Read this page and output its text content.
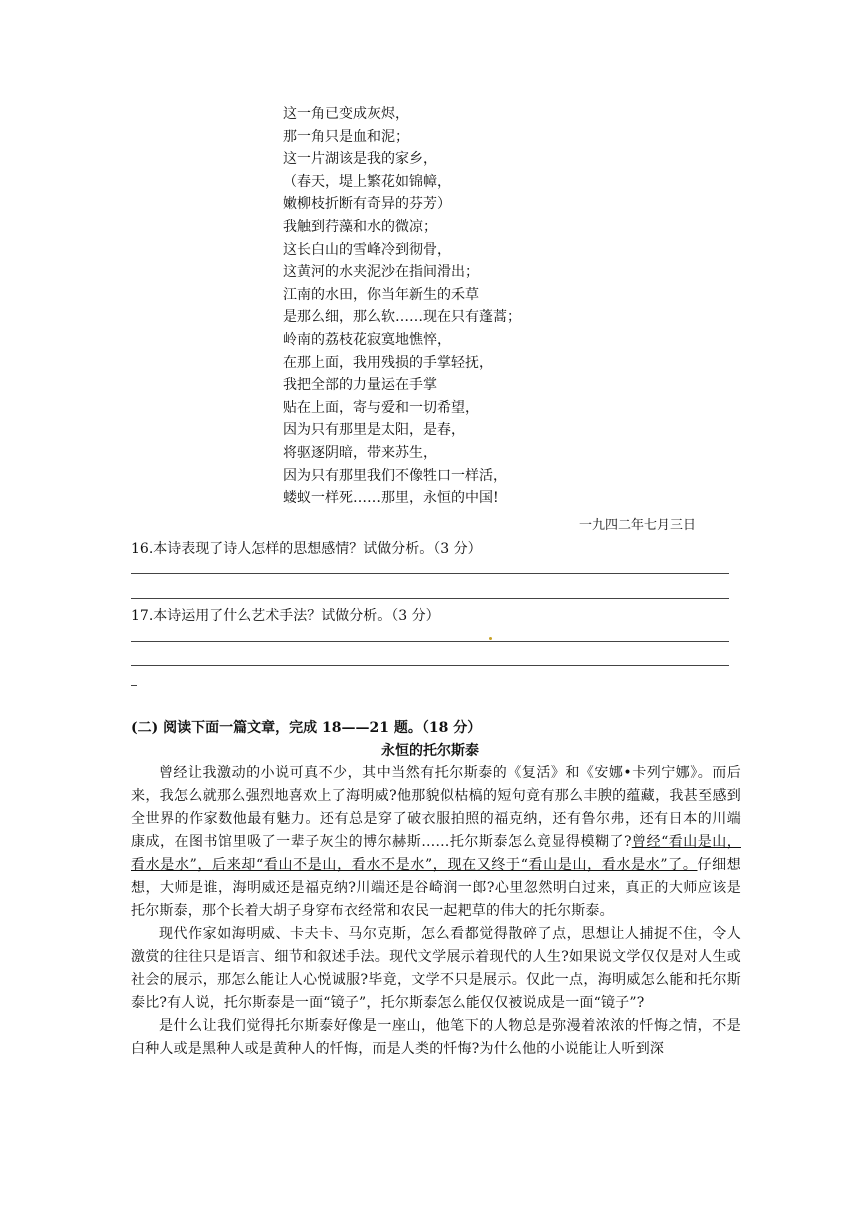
这一角已变成灰烬，
那一角只是血和泥；
这一片湖该是我的家乡，
（春天，堤上繁花如锦幛，
嫩柳枝折断有奇异的芬芳）
我触到荇藻和水的微凉；
这长白山的雪峰冷到彻骨，
这黄河的水夹泥沙在指间滑出；
江南的水田，你当年新生的禾草
是那么细，那么软……现在只有蓬蒿；
岭南的荔枝花寂寞地憔悴，
在那上面，我用残损的手掌轻抚，
我把全部的力量运在手掌
贴在上面，寄与爱和一切希望，
因为只有那里是太阳，是春，
将驱逐阴暗，带来苏生，
因为只有那里我们不像牲口一样活，
蝼蚁一样死……那里，永恒的中国!
一九四二年七月三日
16.本诗表现了诗人怎样的思想感情？试做分析。（3 分）
17.本诗运用了什么艺术手法？试做分析。（3 分）
(二) 阅读下面一篇文章，完成 18——21 题。（18 分）
永恒的托尔斯泰

曾经让我激动的小说可真不少，其中当然有托尔斯泰的《复活》和《安娜•卡列宁娜》。而后来，我怎么就那么强烈地喜欢上了海明威?他那貌似枯槁的短句竟有那么丰腴的蕴藏，我甚至感到全世界的作家数他最有魅力。还有总是穿了破衣服拍照的福克纳，还有鲁尔弗，还有日本的川端康成，在图书馆里吸了一辈子灰尘的博尔赫斯……托尔斯泰怎么竟显得模糊了?曾经“看山是山，看水是水”，后来却“看山不是山，看水不是水”，现在又终于“看山是山，看水是水”了。仔细想想，大师是谁，海明威还是福克纳?川端还是谷崎润一郎?心里忽然明白过来，真正的大师应该是托尔斯泰，那个长着大胡子身穿布衣经常和农民一起耙草的伟大的托尔斯泰。

现代作家如海明威、卡夫卡、马尔克斯，怎么看都觉得散碎了点，思想让人捕捉不住，令人激赏的往往只是语言、细节和叙述手法。现代文学展示着现代的人生?如果说文学仅仅是对人生或社会的展示，那怎么能让人心悦诚服?毕竟，文学不只是展示。仅此一点，海明威怎么能和托尔斯泰比?有人说，托尔斯泰是一面“镜子”，托尔斯泰怎么能仅仅被说成是一面“镜子”?

是什么让我们觉得托尔斯泰好像是一座山，他笔下的人物总是弥漫着浓浓的忏悔之情，不是白种人或是黑种人或是黄种人的忏悔，而是人类的忏悔?为什么他的小说能让人听到深
